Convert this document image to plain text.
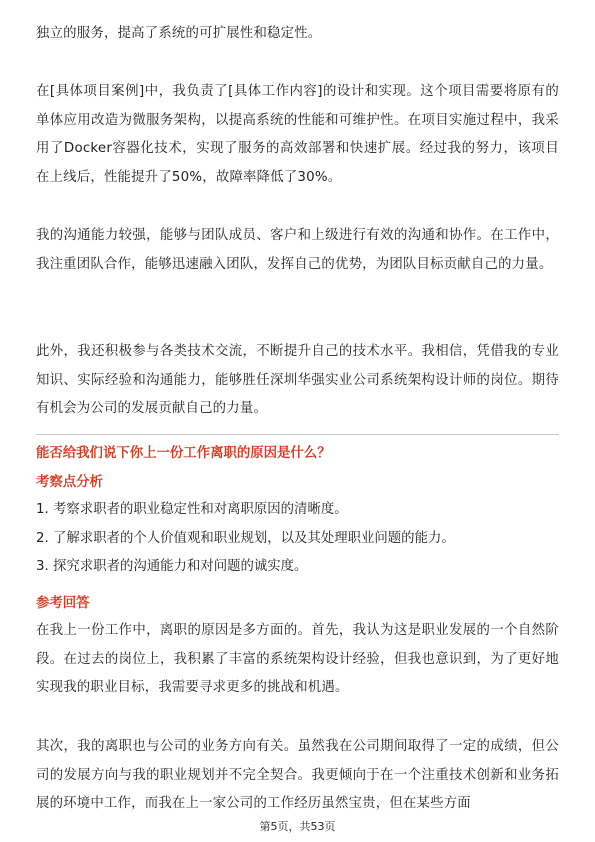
独立的服务，提高了系统的可扩展性和稳定性。

在[具体项目案例]中，我负责了[具体工作内容]的设计和实现。这个项目需要将原有的单体应用改造为微服务架构，以提高系统的性能和可维护性。在项目实施过程中，我采用了Docker容器化技术，实现了服务的高效部署和快速扩展。经过我的努力，该项目在上线后，性能提升了50%，故障率降低了30%。

我的沟通能力较强，能够与团队成员、客户和上级进行有效的沟通和协作。在工作中，我注重团队合作，能够迅速融入团队，发挥自己的优势，为团队目标贡献自己的力量。

此外，我还积极参与各类技术交流，不断提升自己的技术水平。我相信，凭借我的专业知识、实际经验和沟通能力，能够胜任深圳华强实业公司系统架构设计师的岗位。期待有机会为公司的发展贡献自己的力量。

能否给我们说下你上一份工作离职的原因是什么？

考察点分析

1. 考察求职者的职业稳定性和对离职原因的清晰度。
2. 了解求职者的个人价值观和职业规划，以及其处理职业问题的能力。
3. 探究求职者的沟通能力和对问题的诚实度。

参考回答

在我上一份工作中，离职的原因是多方面的。首先，我认为这是职业发展的一个自然阶段。在过去的岗位上，我积累了丰富的系统架构设计经验，但我也意识到，为了更好地实现我的职业目标，我需要寻求更多的挑战和机遇。

其次，我的离职也与公司的业务方向有关。虽然我在公司期间取得了一定的成绩，但公司的发展方向与我的职业规划并不完全契合。我更倾向于在一个注重技术创新和业务拓展的环境中工作，而我在上一家公司的工作经历虽然宝贵，但在某些方面

第5页，共53页
